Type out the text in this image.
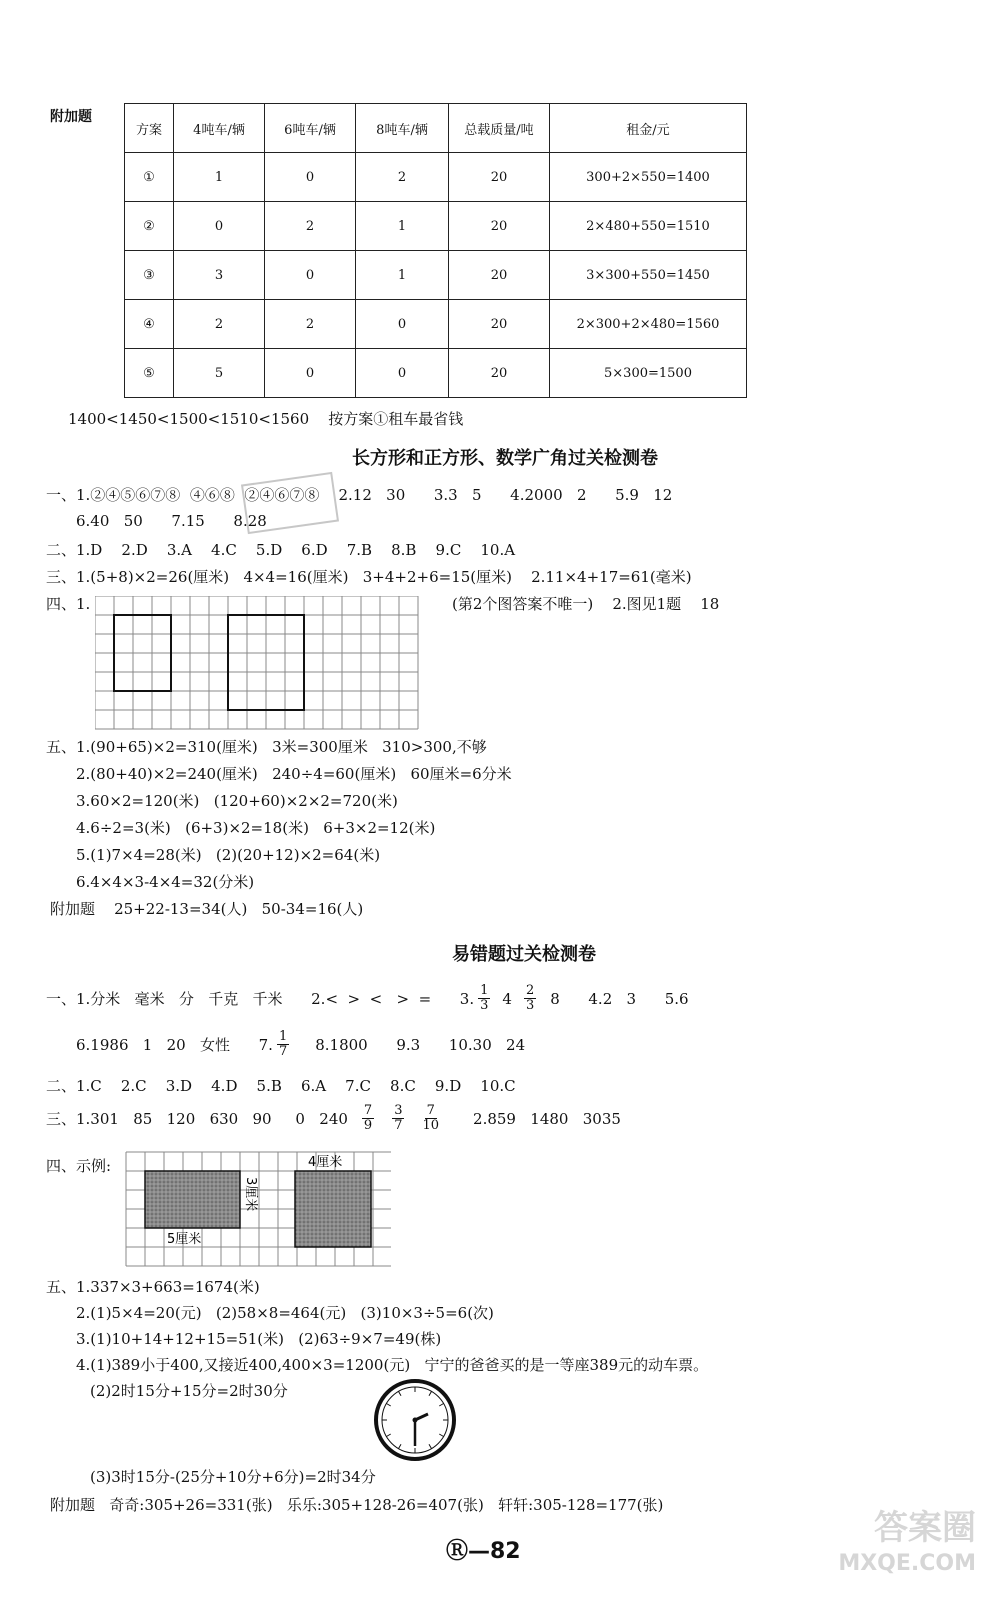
附加题
方案	4吨车/辆	6吨车/辆	8吨车/辆	总载质量/吨	租金/元
①	1	0	2	20	300+2×550=1400
②	0	2	1	20	2×480+550=1510
③	3	0	1	20	3×300+550=1450
④	2	2	0	20	2×300+2×480=1560
⑤	5	0	0	20	5×300=1500
1400<1450<1500<1510<1560    按方案①租车最省钱
长方形和正方形、数学广角过关检测卷
一、1.②④⑤⑥⑦⑧  ④⑥⑧  ②④⑥⑦⑧    2.12   30      3.3   5      4.2000   2      5.9   12
6.40   50      7.15      8.28
二、1.D    2.D    3.A    4.C    5.D    6.D    7.B    8.B    9.C    10.A
三、1.(5+8)×2=26(厘米)   4×4=16(厘米)   3+4+2+6=15(厘米)    2.11×4+17=61(毫米)
四、1.	(第2个图答案不唯一)    2.图见1题    18
五、1.(90+65)×2=310(厘米)   3米=300厘米   310>300,不够
2.(80+40)×2=240(厘米)   240÷4=60(厘米)   60厘米=6分米
3.60×2=120(米)   (120+60)×2×2=720(米)
4.6÷2=3(米)   (6+3)×2=18(米)   6+3×2=12(米)
5.(1)7×4=28(米)   (2)(20+12)×2=64(米)
6.4×4×3-4×4=32(分米)
附加题    25+22-13=34(人)   50-34=16(人)
易错题过关检测卷
一、1.分米   毫米   分   千克   千米      2.<  >  <   >  =      3. $\frac{1}{3} 4 \frac{2}{3} 8$      4.2   3      5.6
6.1986   1   20   女性      7. $\frac{1}{7} 8.1800$      9.3      10.30   24
二、1.C    2.C    3.D    4.D    5.B    6.A    7.C    8.C    9.D    10.C
三、1.301   85   120   630   90     0   $240 \frac{7}{9} \frac{3}{7} \frac{7}{10} 2.859$   1480   3035
四、示例:	4厘米
3厘米
5厘米
五、1.337×3+663=1674(米)
2.(1)5×4=20(元)   (2)58×8=464(元)   (3)10×3÷5=6(次)
3.(1)10+14+12+15=51(米)   (2)63÷9×7=49(株)
4.(1)389小于400,又接近400,400×3=1200(元)   宁宁的爸爸买的是一等座389元的动车票。
(2)2时15分+15分=2时30分
(3)3时15分-(25分+10分+6分)=2时34分
附加题   奇奇:305+26=331(张)   乐乐:305+128-26=407(张)   轩轩:305-128=177(张)
Ⓡ—82
答案圈
MXQE.COM
